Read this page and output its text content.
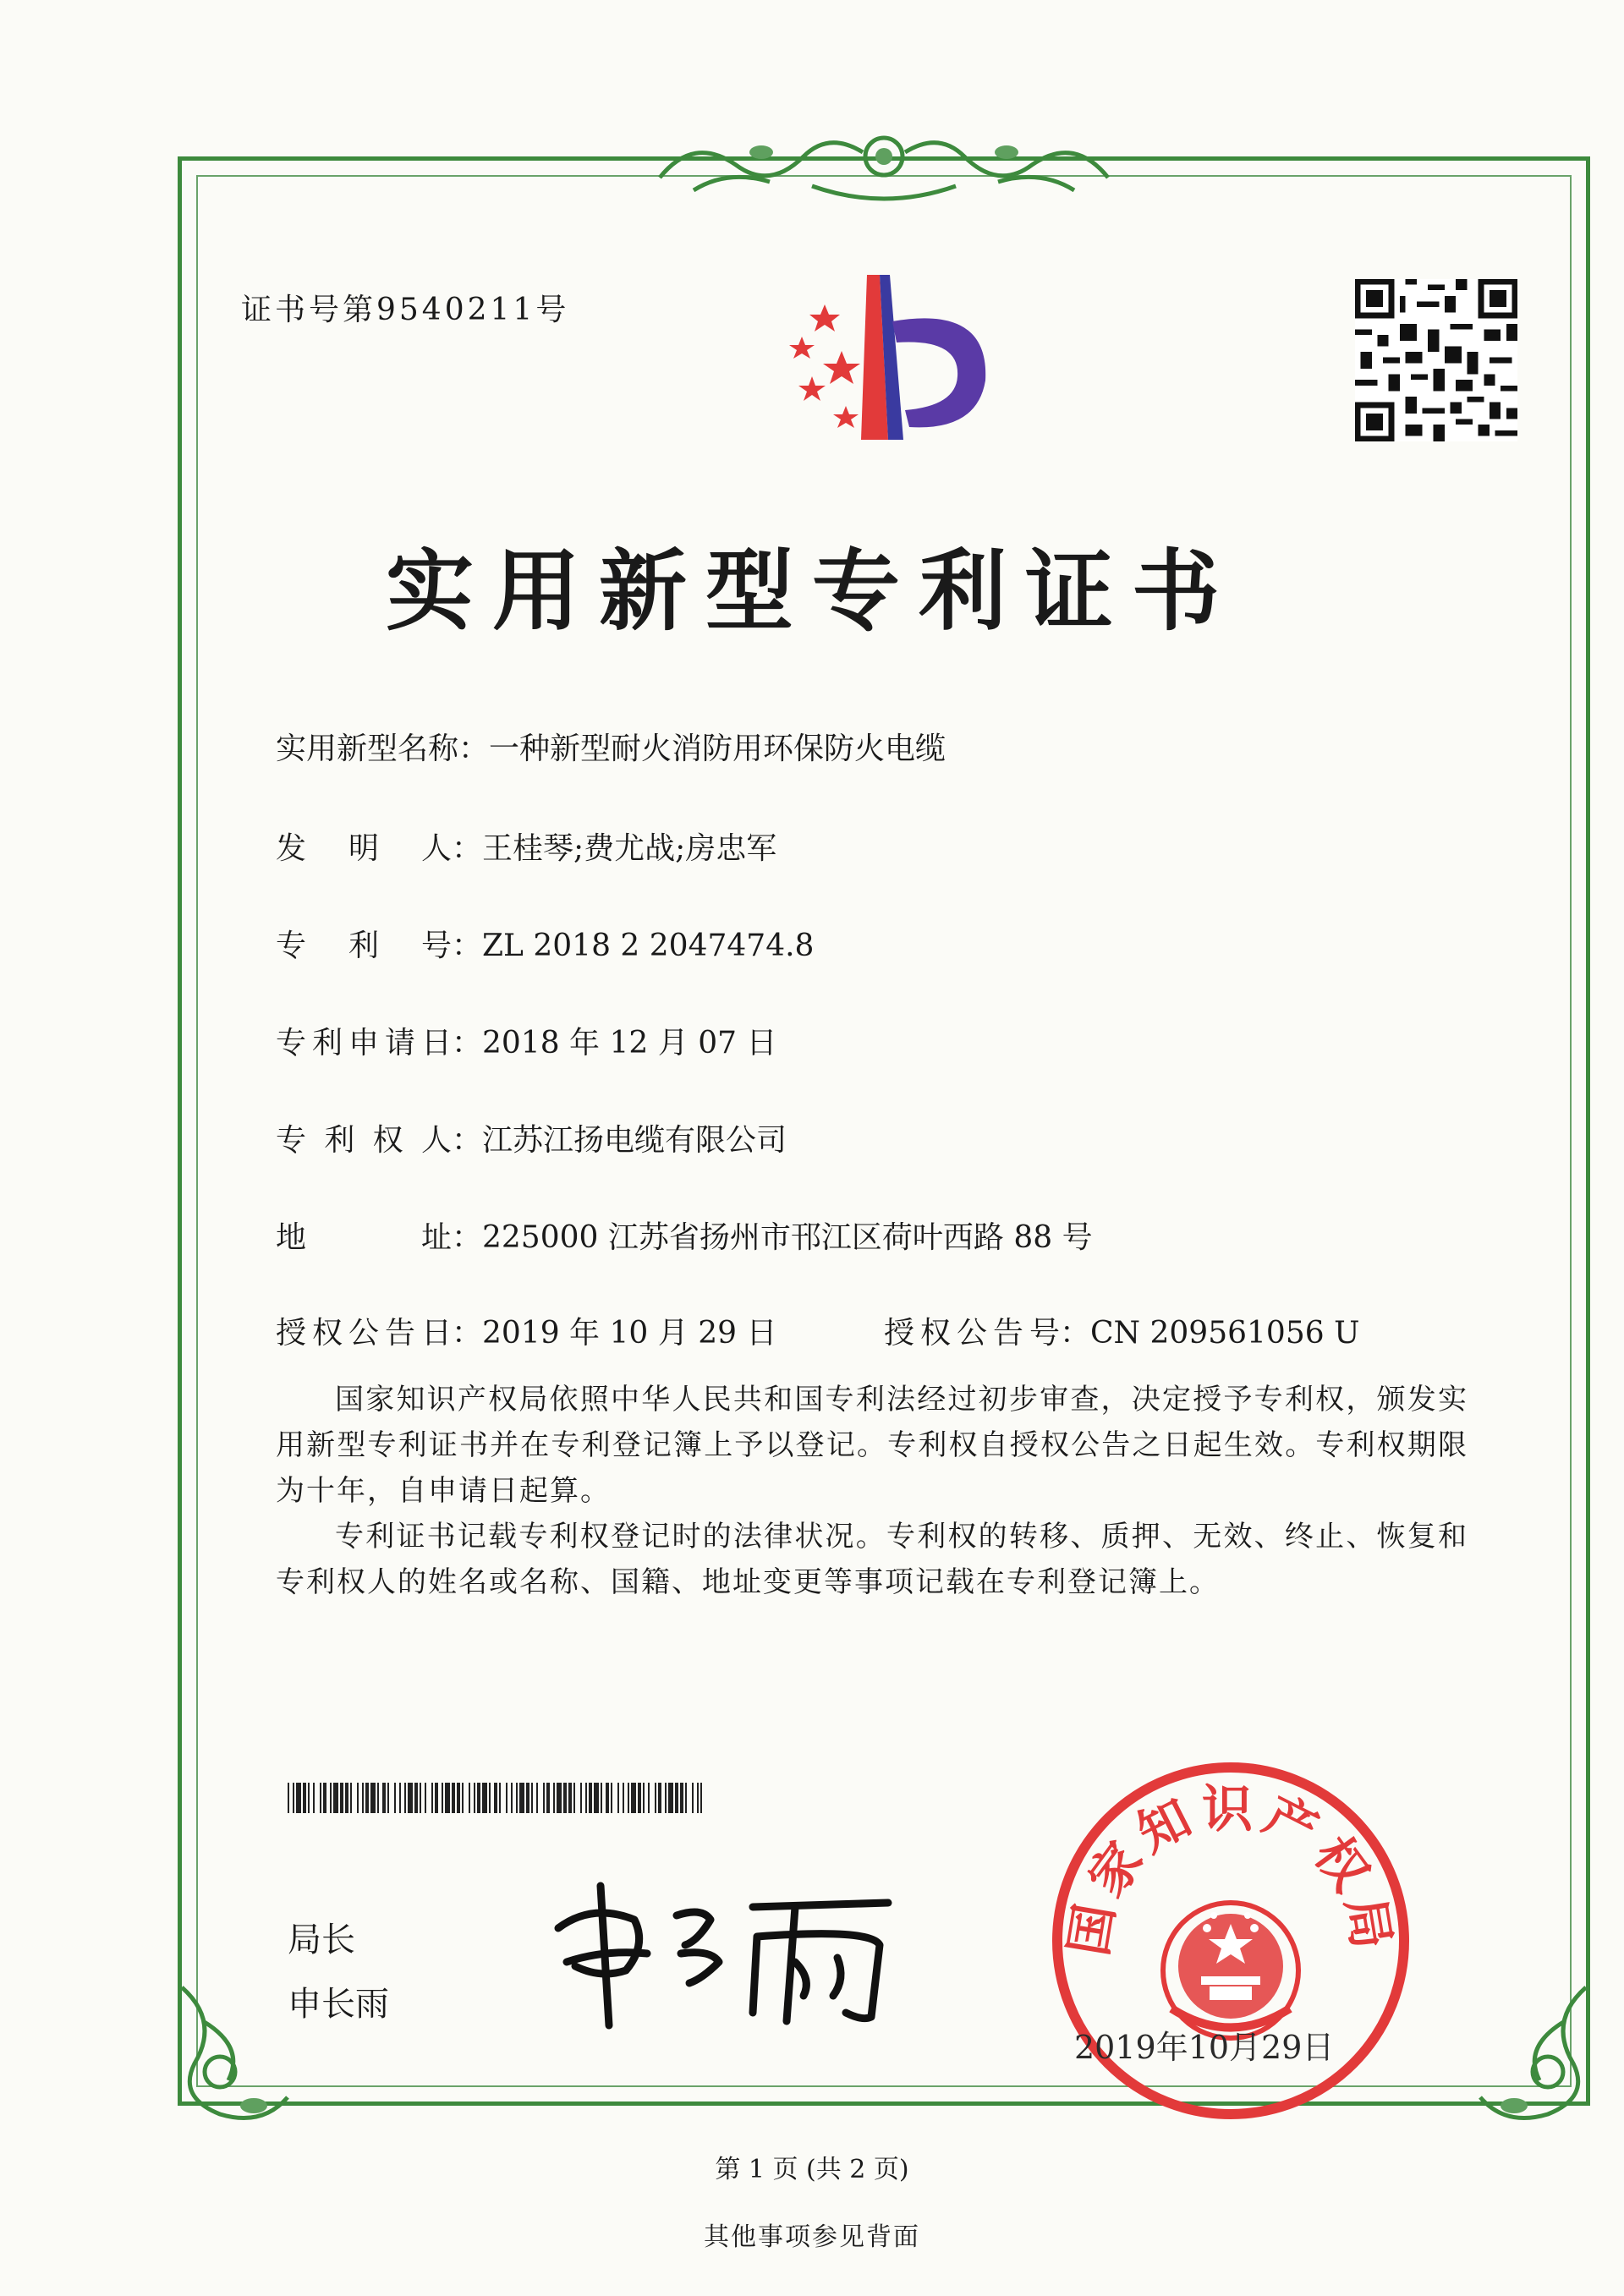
证书号第9540211号
实用新型专利证书
实用新型名称：一种新型耐火消防用环保防火电缆
发明人：王桂琴;费尤战;房忠军
专利号：ZL 2018 2 2047474.8
专利申请日：2018 年 12 月 07 日
专利权人：江苏江扬电缆有限公司
地址：225000 江苏省扬州市邗江区荷叶西路 88 号
授权公告日：2019 年 10 月 29 日	授权公告号：CN 209561056 U

国家知识产权局依照中华人民共和国专利法经过初步审查，决定授予专利权，颁发实用新型专利证书并在专利登记簿上予以登记。专利权自授权公告之日起生效。专利权期限为十年，自申请日起算。

专利证书记载专利权登记时的法律状况。专利权的转移、质押、无效、终止、恢复和专利权人的姓名或名称、国籍、地址变更等事项记载在专利登记簿上。

局长
申长雨
国家知识产权局
2019年10月29日
第 1 页 (共 2 页)
其他事项参见背面
